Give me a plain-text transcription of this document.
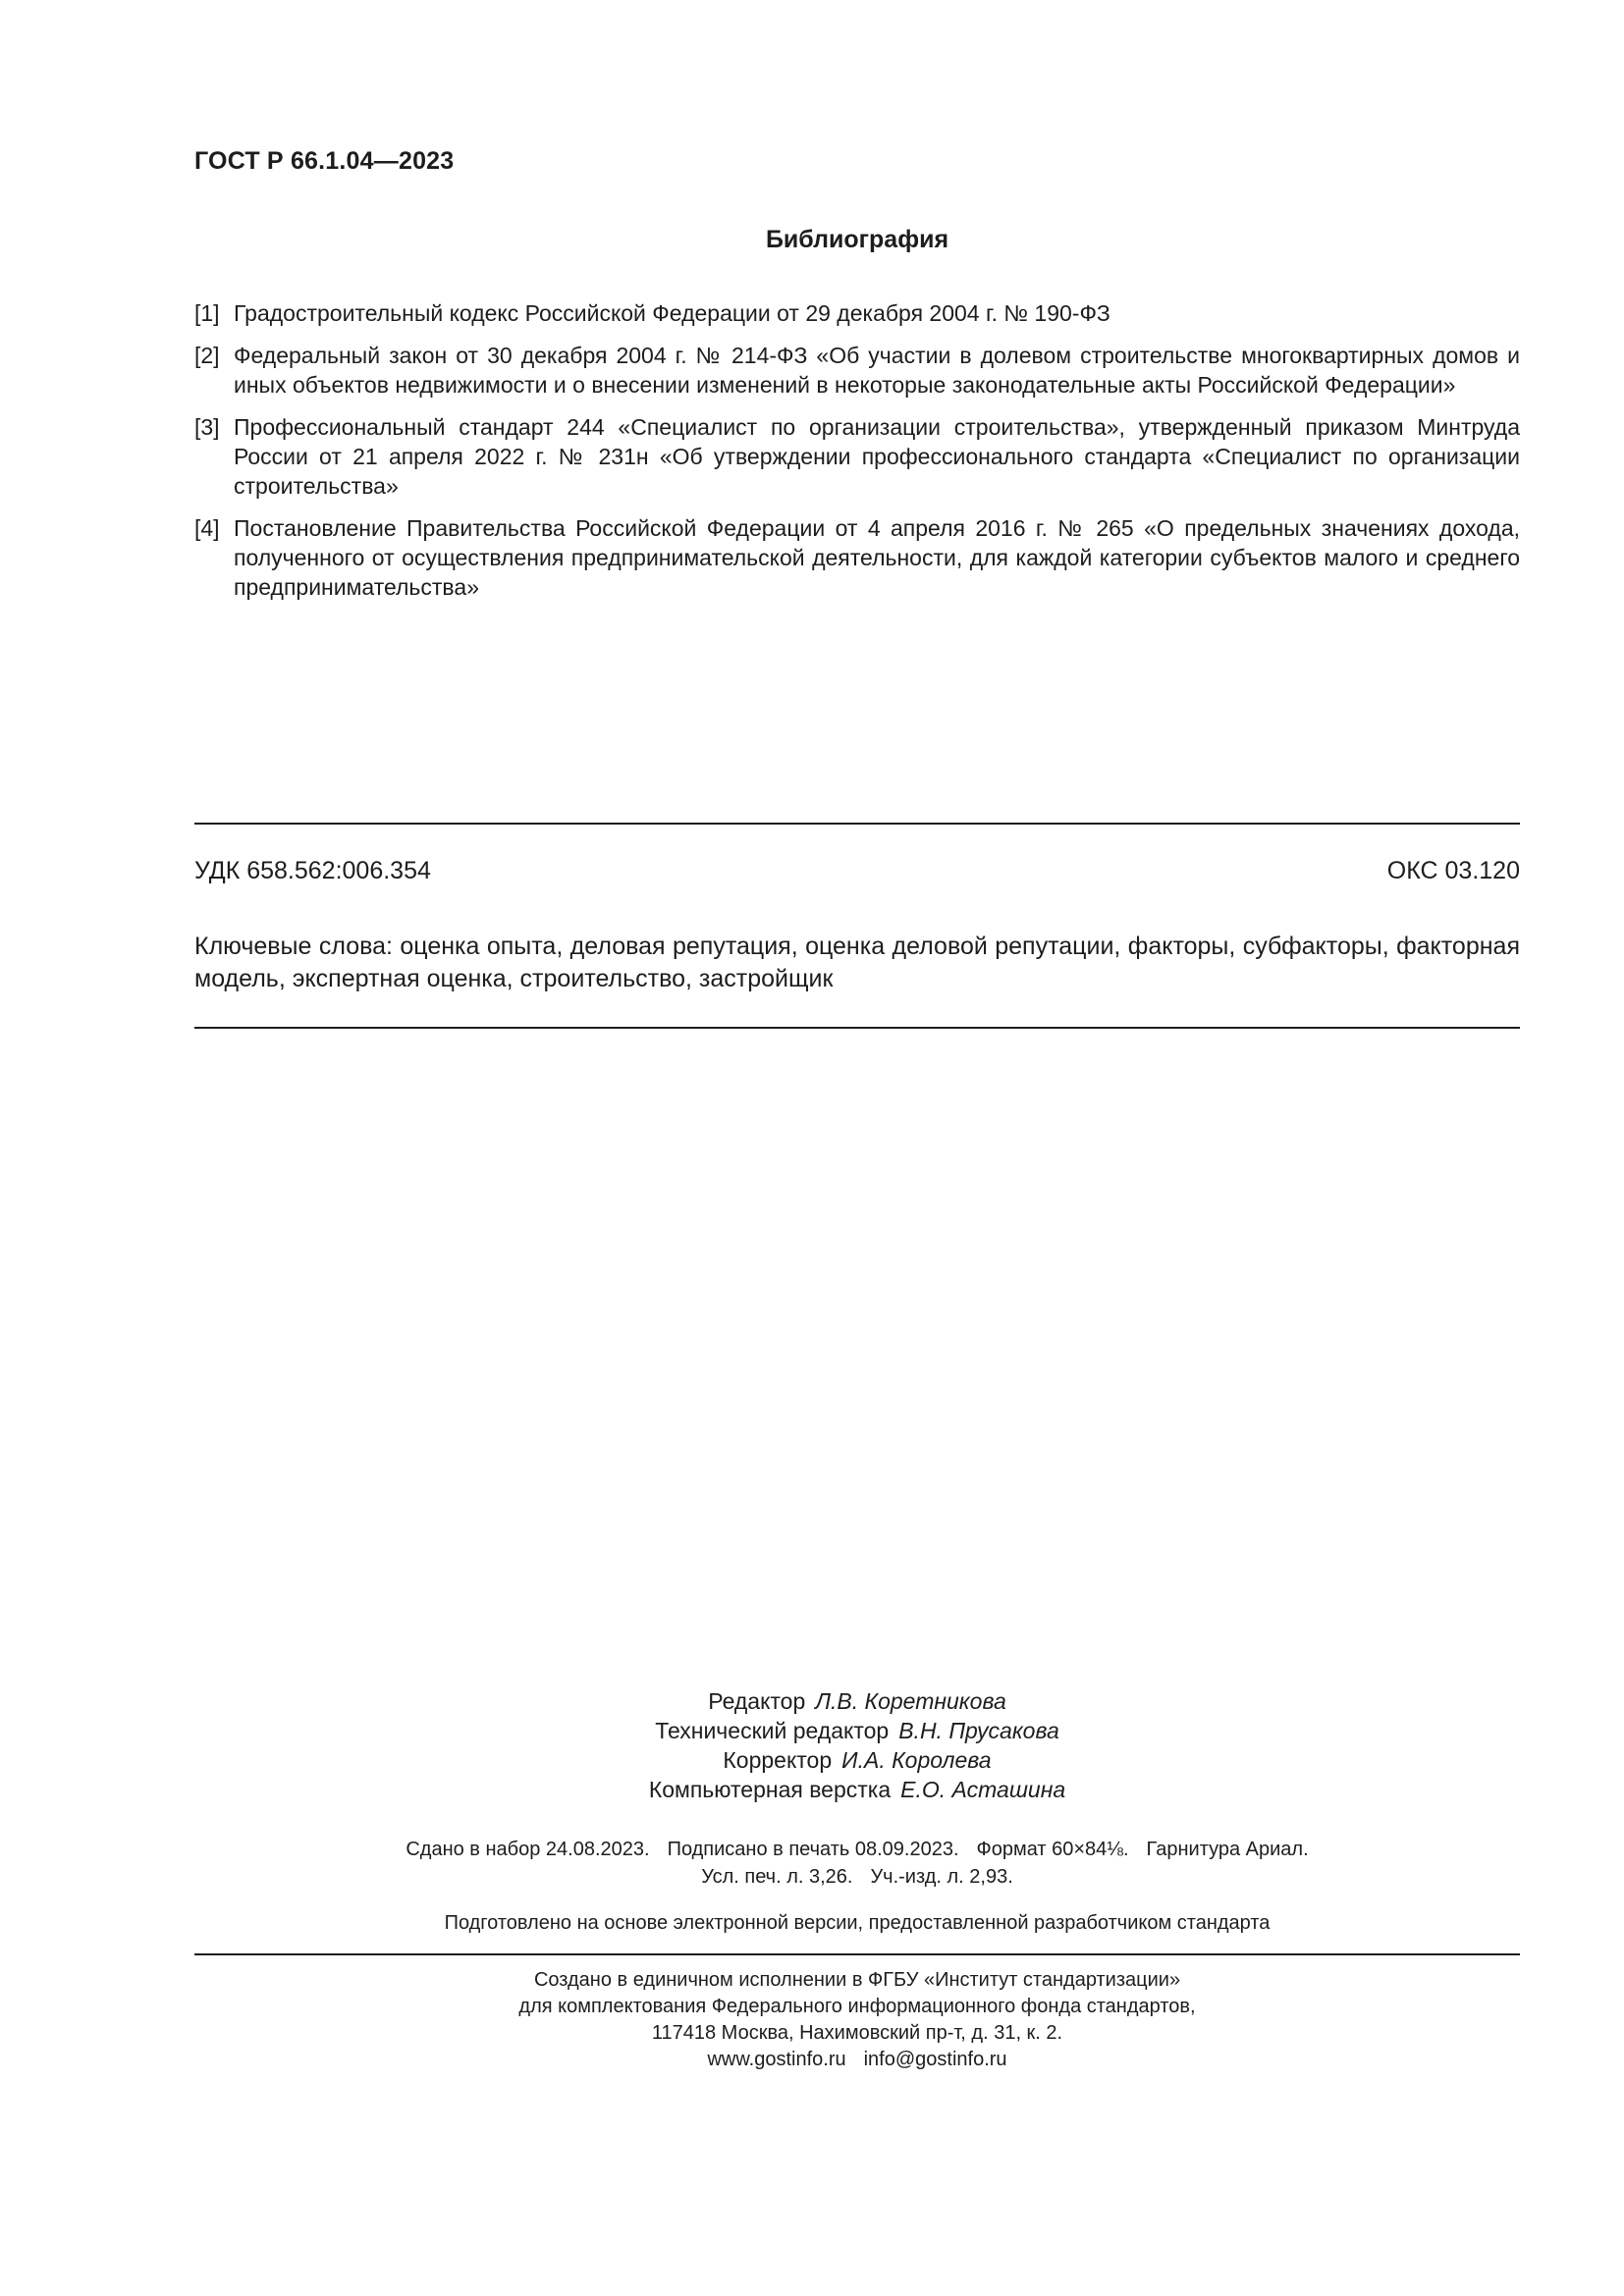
ГОСТ Р 66.1.04—2023
Библиография
[1] Градостроительный кодекс Российской Федерации от 29 декабря 2004 г. № 190-ФЗ
[2] Федеральный закон от 30 декабря 2004 г. № 214-ФЗ «Об участии в долевом строительстве многоквартирных домов и иных объектов недвижимости и о внесении изменений в некоторые законодательные акты Российской Федерации»
[3] Профессиональный стандарт 244 «Специалист по организации строительства», утвержденный приказом Минтруда России от 21 апреля 2022 г. № 231н «Об утверждении профессионального стандарта «Специалист по организации строительства»
[4] Постановление Правительства Российской Федерации от 4 апреля 2016 г. № 265 «О предельных значениях дохода, полученного от осуществления предпринимательской деятельности, для каждой категории субъектов малого и среднего предпринимательства»
УДК 658.562:006.354	ОКС 03.120
Ключевые слова: оценка опыта, деловая репутация, оценка деловой репутации, факторы, субфакторы, факторная модель, экспертная оценка, строительство, застройщик
Редактор Л.В. Коретникова
Технический редактор В.Н. Прусакова
Корректор И.А. Королева
Компьютерная верстка Е.О. Асташина
Сдано в набор 24.08.2023. Подписано в печать 08.09.2023. Формат 60×84⅛. Гарнитура Ариал.
Усл. печ. л. 3,26. Уч.-изд. л. 2,93.
Подготовлено на основе электронной версии, предоставленной разработчиком стандарта
Создано в единичном исполнении в ФГБУ «Институт стандартизации»
для комплектования Федерального информационного фонда стандартов,
117418 Москва, Нахимовский пр-т, д. 31, к. 2.
www.gostinfo.ru info@gostinfo.ru
